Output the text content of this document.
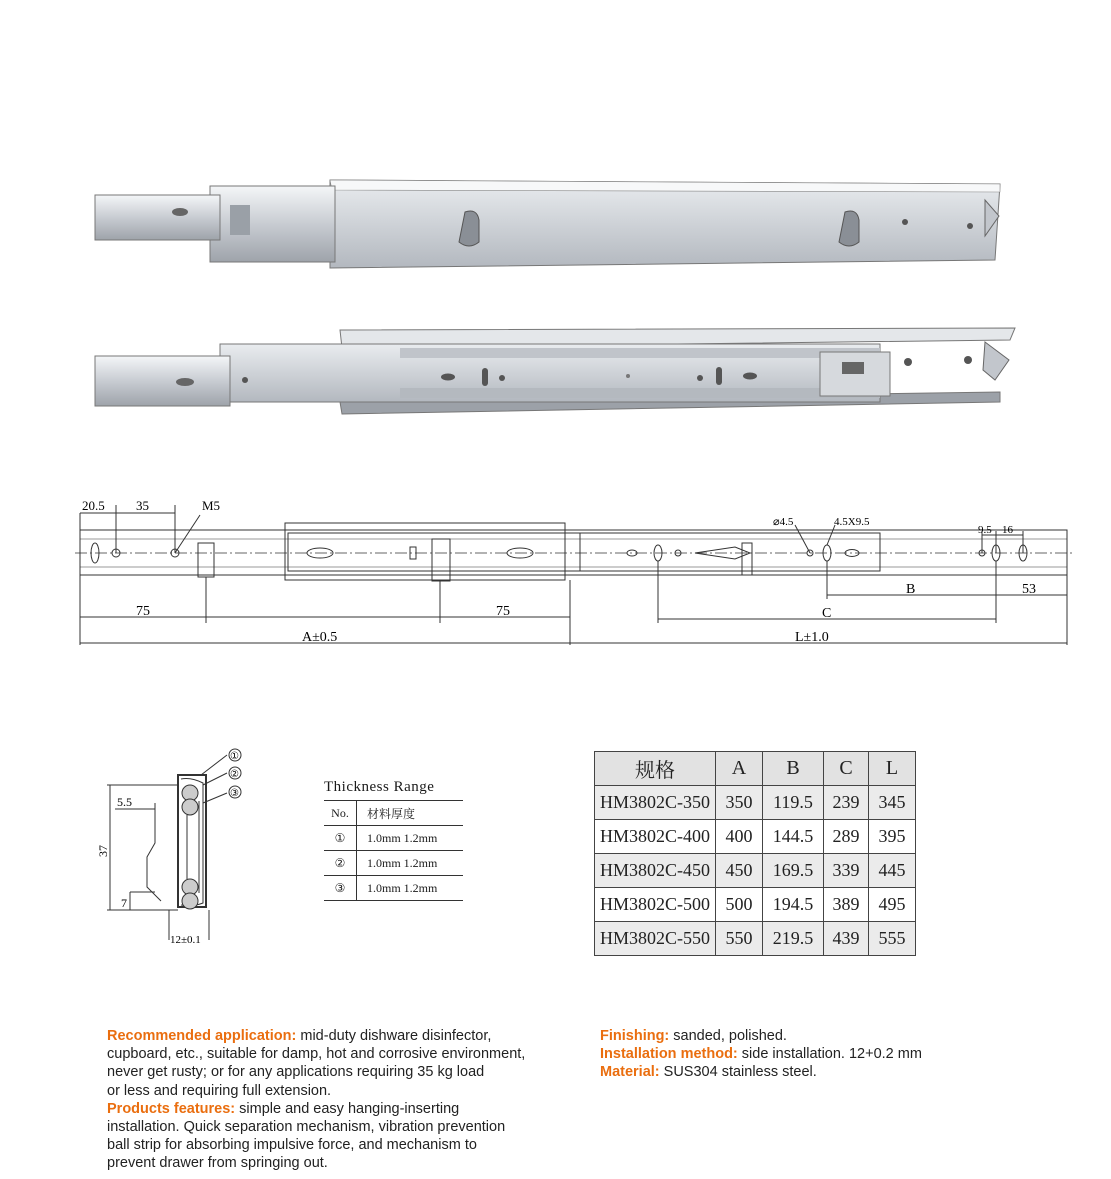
20.5 35	M5
75	75
A±0.5	L±1.0
⌀4.5	4.5X9.5
9.5 16
B	53
C
①
②
③
5.5
37
7
12±0.1
Thickness Range
No.	材料厚度
①	1.0mm 1.2mm
②	1.0mm 1.2mm
③	1.0mm 1.2mm
规格	A	B	C	L
HM3802C-350	350	119.5	239	345
HM3802C-400	400	144.5	289	395
HM3802C-450	450	169.5	339	445
HM3802C-500	500	194.5	389	495
HM3802C-550	550	219.5	439	555
Recommended application: mid-duty dishware disinfector,
cupboard, etc., suitable for damp, hot and corrosive environment,
never get rusty; or for any applications requiring 35 kg load
or less and requiring full extension.
Products features: simple and easy hanging-inserting
installation. Quick separation mechanism, vibration prevention
ball strip for absorbing impulsive force, and mechanism to
prevent drawer from springing out.
Finishing: sanded, polished.
Installation method: side installation. 12+0.2 mm
Material: SUS304 stainless steel.
